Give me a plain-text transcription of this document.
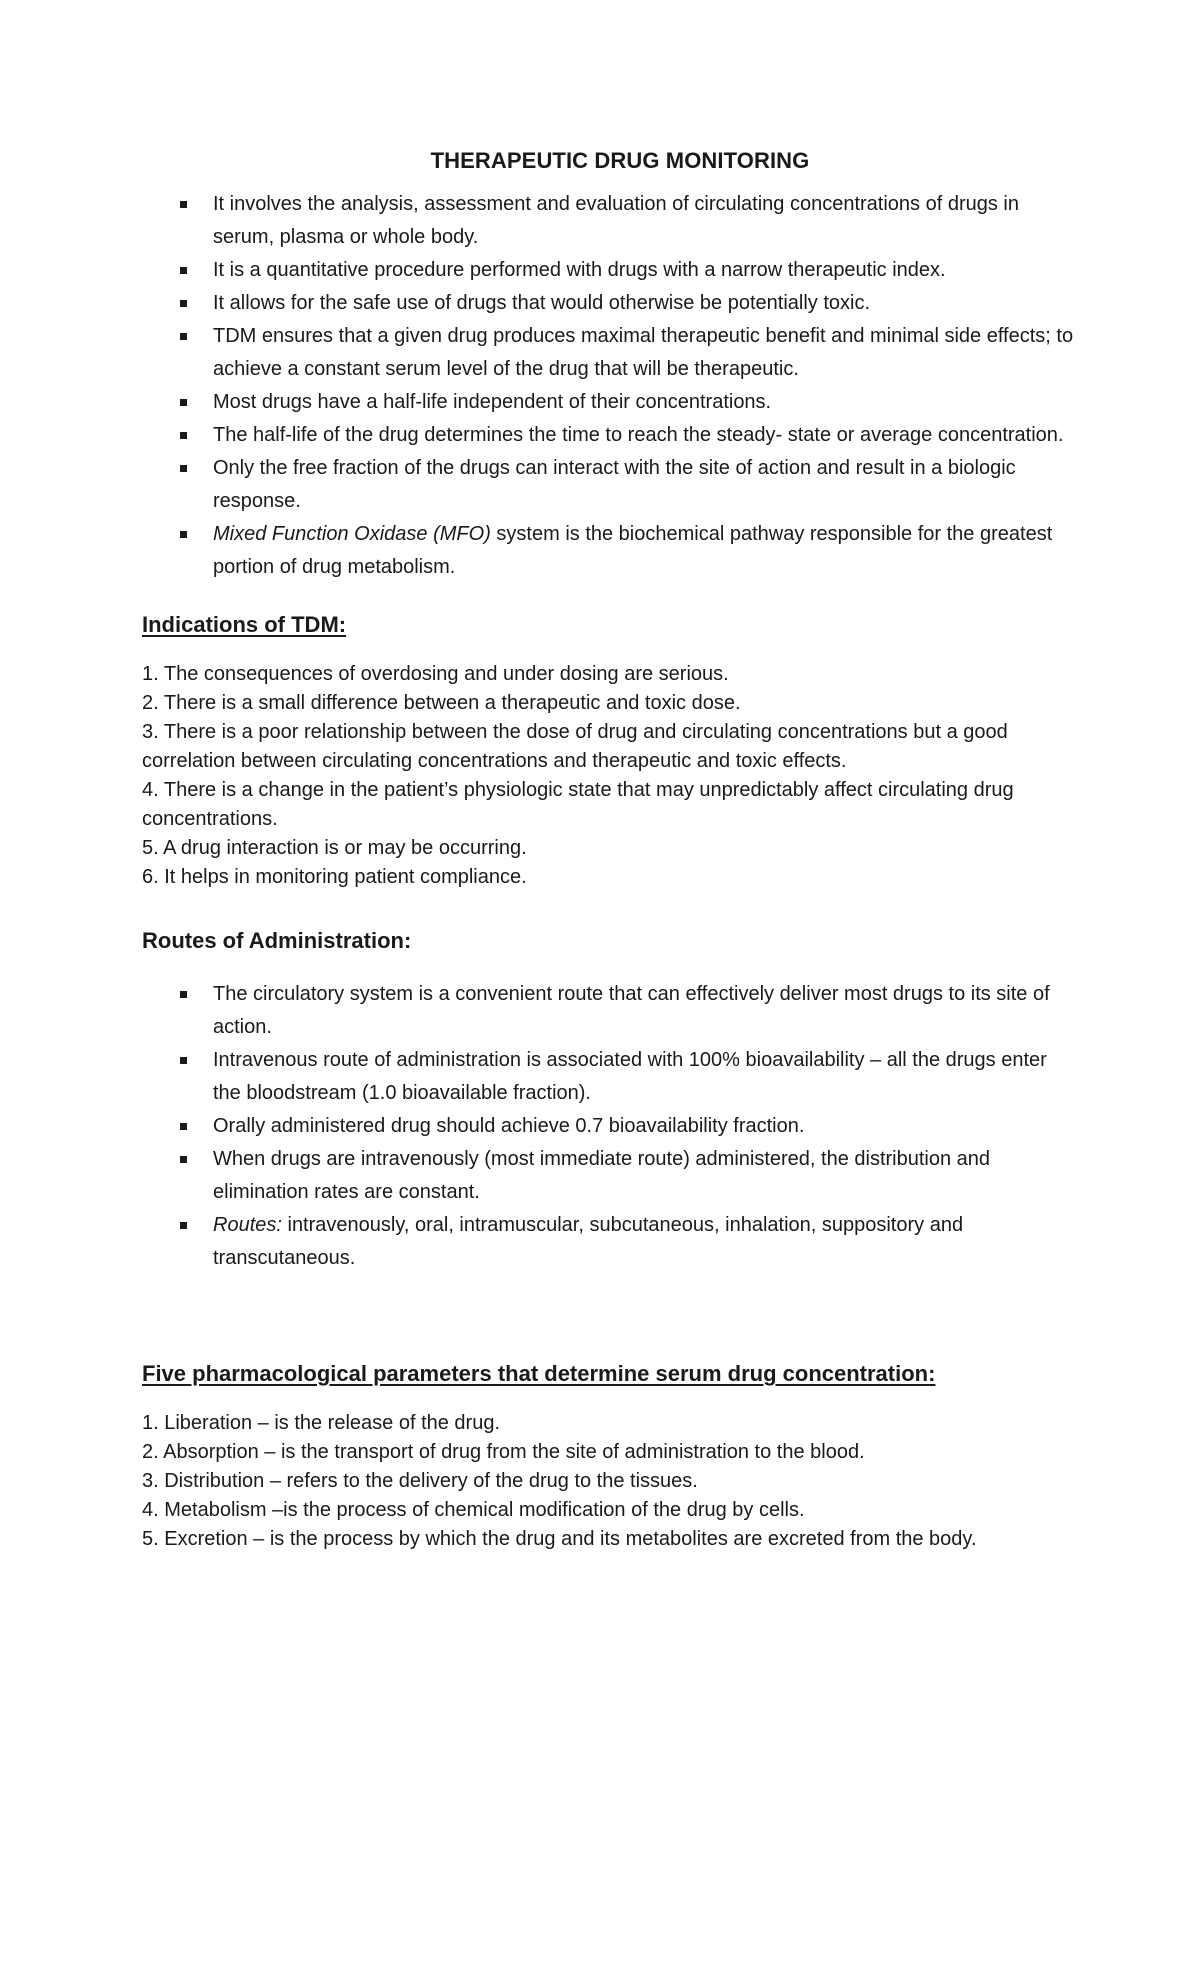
THERAPEUTIC DRUG MONITORING
It involves the analysis, assessment and evaluation of circulating concentrations of drugs in serum, plasma or whole body.
It is a quantitative procedure performed with drugs with a narrow therapeutic index.
It allows for the safe use of drugs that would otherwise be potentially toxic.
TDM ensures that a given drug produces maximal therapeutic benefit and minimal side effects; to achieve a constant serum level of the drug that will be therapeutic.
Most drugs have a half-life independent of their concentrations.
The half-life of the drug determines the time to reach the steady- state or average concentration.
Only the free fraction of the drugs can interact with the site of action and result in a biologic response.
Mixed Function Oxidase (MFO) system is the biochemical pathway responsible for the greatest portion of drug metabolism.
Indications of TDM:

1. The consequences of overdosing and under dosing are serious.

2. There is a small difference between a therapeutic and toxic dose.

3. There is a poor relationship between the dose of drug and circulating concentrations but a good correlation between circulating concentrations and therapeutic and toxic effects.

4. There is a change in the patient’s physiologic state that may unpredictably affect circulating drug concentrations.

5. A drug interaction is or may be occurring.

6. It helps in monitoring patient compliance.

Routes of Administration:
The circulatory system is a convenient route that can effectively deliver most drugs to its site of action.
Intravenous route of administration is associated with 100% bioavailability – all the drugs enter the bloodstream (1.0 bioavailable fraction).
Orally administered drug should achieve 0.7 bioavailability fraction.
When drugs are intravenously (most immediate route) administered, the distribution and elimination rates are constant.
Routes: intravenously, oral, intramuscular, subcutaneous, inhalation, suppository and transcutaneous.
Five pharmacological parameters that determine serum drug concentration:

1. Liberation – is the release of the drug.

2. Absorption – is the transport of drug from the site of administration to the blood.

3. Distribution – refers to the delivery of the drug to the tissues.

4. Metabolism –is the process of chemical modification of the drug by cells.

5. Excretion – is the process by which the drug and its metabolites are excreted from the body.
